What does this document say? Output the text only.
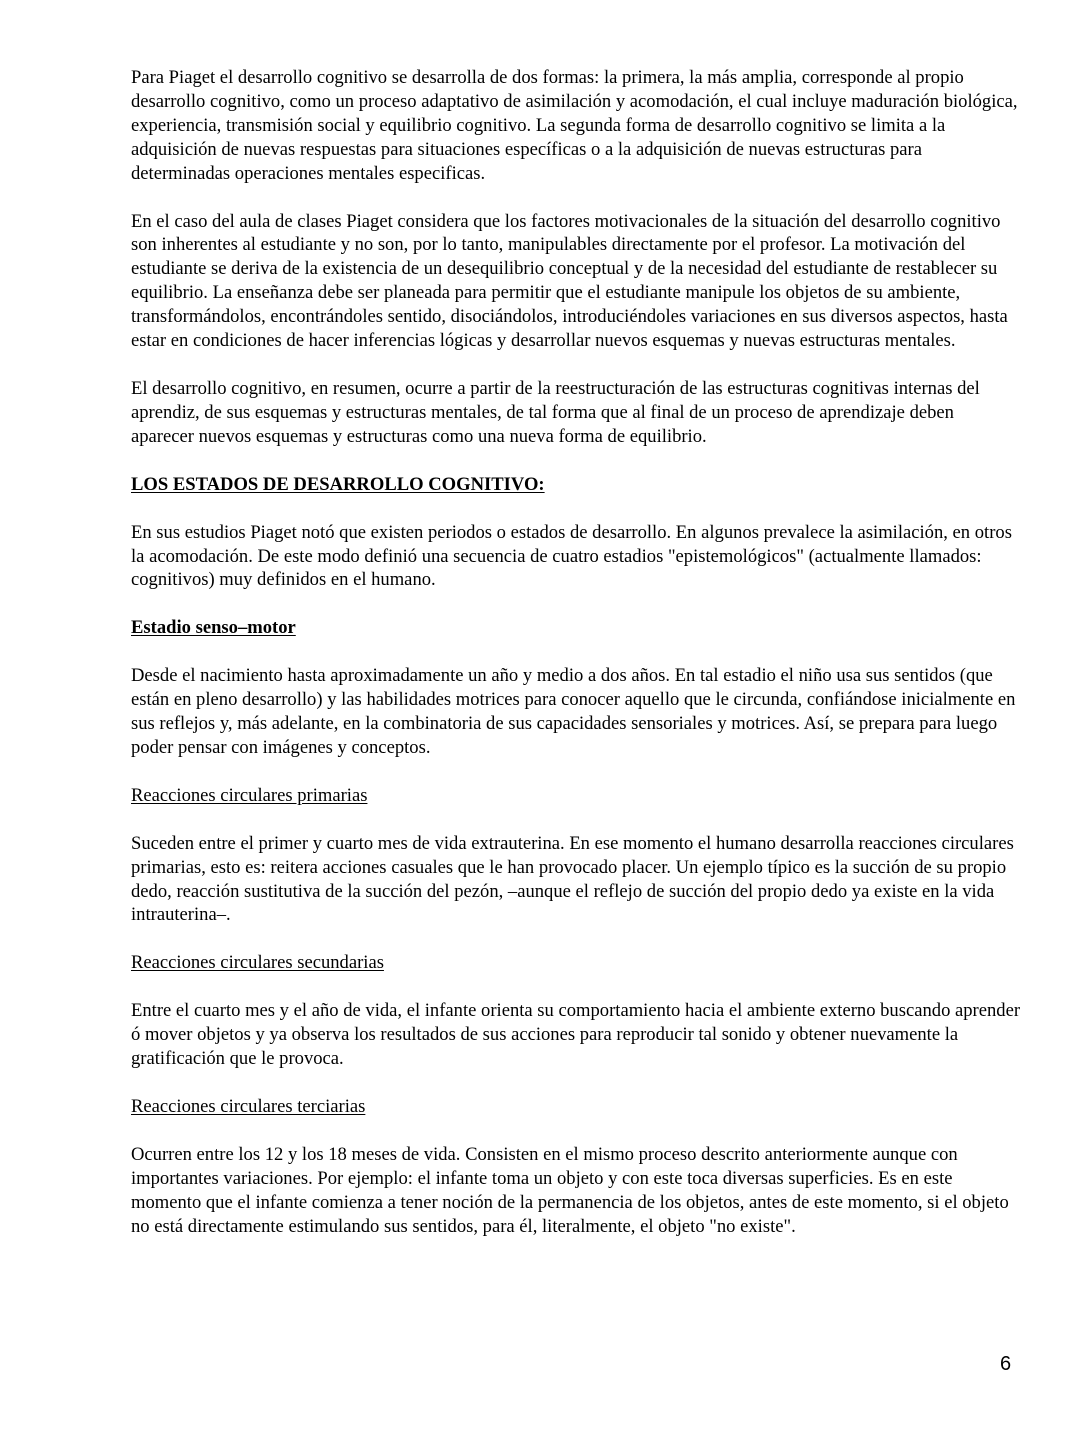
Para Piaget el desarrollo cognitivo se desarrolla de dos formas: la primera, la más amplia, corresponde al propio desarrollo cognitivo, como un proceso adaptativo de asimilación y acomodación, el cual incluye maduración biológica, experiencia, transmisión social y equilibrio cognitivo. La segunda forma de desarrollo cognitivo se limita a la adquisición de nuevas respuestas para situaciones específicas o a la adquisición de nuevas estructuras para determinadas operaciones mentales especificas.

En el caso del aula de clases Piaget considera que los factores motivacionales de la situación del desarrollo cognitivo son inherentes al estudiante y no son, por lo tanto, manipulables directamente por el profesor. La motivación del estudiante se deriva de la existencia de un desequilibrio conceptual y de la necesidad del estudiante de restablecer su equilibrio. La enseñanza debe ser planeada para permitir que el estudiante manipule los objetos de su ambiente, transformándolos, encontrándoles sentido, disociándolos, introduciéndoles variaciones en sus diversos aspectos, hasta estar en condiciones de hacer inferencias lógicas y desarrollar nuevos esquemas y nuevas estructuras mentales.

El desarrollo cognitivo, en resumen, ocurre a partir de la reestructuración de las estructuras cognitivas internas del aprendiz, de sus esquemas y estructuras mentales, de tal forma que al final de un proceso de aprendizaje deben aparecer nuevos esquemas y estructuras como una nueva forma de equilibrio.

LOS ESTADOS DE DESARROLLO COGNITIVO:

En sus estudios Piaget notó que existen periodos o estados de desarrollo. En algunos prevalece la asimilación, en otros la acomodación. De este modo definió una secuencia de cuatro estadios "epistemológicos" (actualmente llamados: cognitivos) muy definidos en el humano.

Estadio senso–motor

Desde el nacimiento hasta aproximadamente un año y medio a dos años. En tal estadio el niño usa sus sentidos (que están en pleno desarrollo) y las habilidades motrices para conocer aquello que le circunda, confiándose inicialmente en sus reflejos y, más adelante, en la combinatoria de sus capacidades sensoriales y motrices. Así, se prepara para luego poder pensar con imágenes y conceptos.

Reacciones circulares primarias

Suceden entre el primer y cuarto mes de vida extrauterina. En ese momento el humano desarrolla reacciones circulares primarias, esto es: reitera acciones casuales que le han provocado placer. Un ejemplo típico es la succión de su propio dedo, reacción sustitutiva de la succión del pezón, –aunque el reflejo de succión del propio dedo ya existe en la vida intrauterina–.

Reacciones circulares secundarias

Entre el cuarto mes y el año de vida, el infante orienta su comportamiento hacia el ambiente externo buscando aprender ó mover objetos y ya observa los resultados de sus acciones para reproducir tal sonido y obtener nuevamente la gratificación que le provoca.

Reacciones circulares terciarias

Ocurren entre los 12 y los 18 meses de vida. Consisten en el mismo proceso descrito anteriormente aunque con importantes variaciones. Por ejemplo: el infante toma un objeto y con este toca diversas superficies. Es en este momento que el infante comienza a tener noción de la permanencia de los objetos, antes de este momento, si el objeto no está directamente estimulando sus sentidos, para él, literalmente, el objeto "no existe".

6
